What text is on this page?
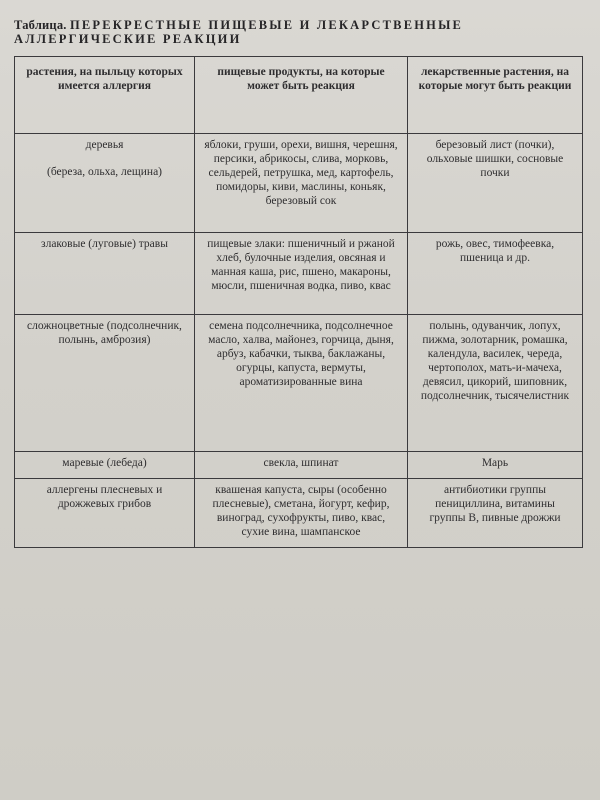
Таблица. ПЕРЕКРЕСТНЫЕ ПИЩЕВЫЕ И ЛЕКАРСТВЕННЫЕ АЛЛЕРГИЧЕСКИЕ РЕАКЦИИ
растения, на пыльцу которых имеется аллергия	пищевые продукты, на которые может быть реакция	лекарственные растения, на которые могут быть реакции

деревья
(береза, ольха, лещина)	яблоки, груши, орехи, вишня, черешня, персики, абрикосы, слива, морковь, сельдерей, петрушка, мед, картофель, помидоры, киви, маслины, коньяк, березовый сок	березовый лист (почки), ольховые шишки, сосновые почки
злаковые (луговые) травы	пищевые злаки: пшеничный и ржаной хлеб, булочные изделия, овсяная и манная каша, рис, пшено, макароны, мюсли, пшеничная водка, пиво, квас	рожь, овес, тимофеевка, пшеница и др.
сложноцветные (подсолнечник, полынь, амброзия)	семена подсолнечника, подсолнечное масло, халва, майонез, горчица, дыня, арбуз, кабачки, тыква, баклажаны, огурцы, капуста, вермуты, ароматизированные вина	полынь, одуванчик, лопух, пижма, золотарник, ромашка, календула, василек, череда, чертополох, мать-и-мачеха, девясил, цикорий, шиповник, подсолнечник, тысячелистник
маревые (лебеда)	свекла, шпинат	Марь
аллергены плесневых и дрожжевых грибов	квашеная капуста, сыры (особенно плесневые), сметана, йогурт, кефир, виноград, сухофрукты, пиво, квас, сухие вина, шампанское	антибиотики группы пенициллина, витамины группы В, пивные дрожжи
